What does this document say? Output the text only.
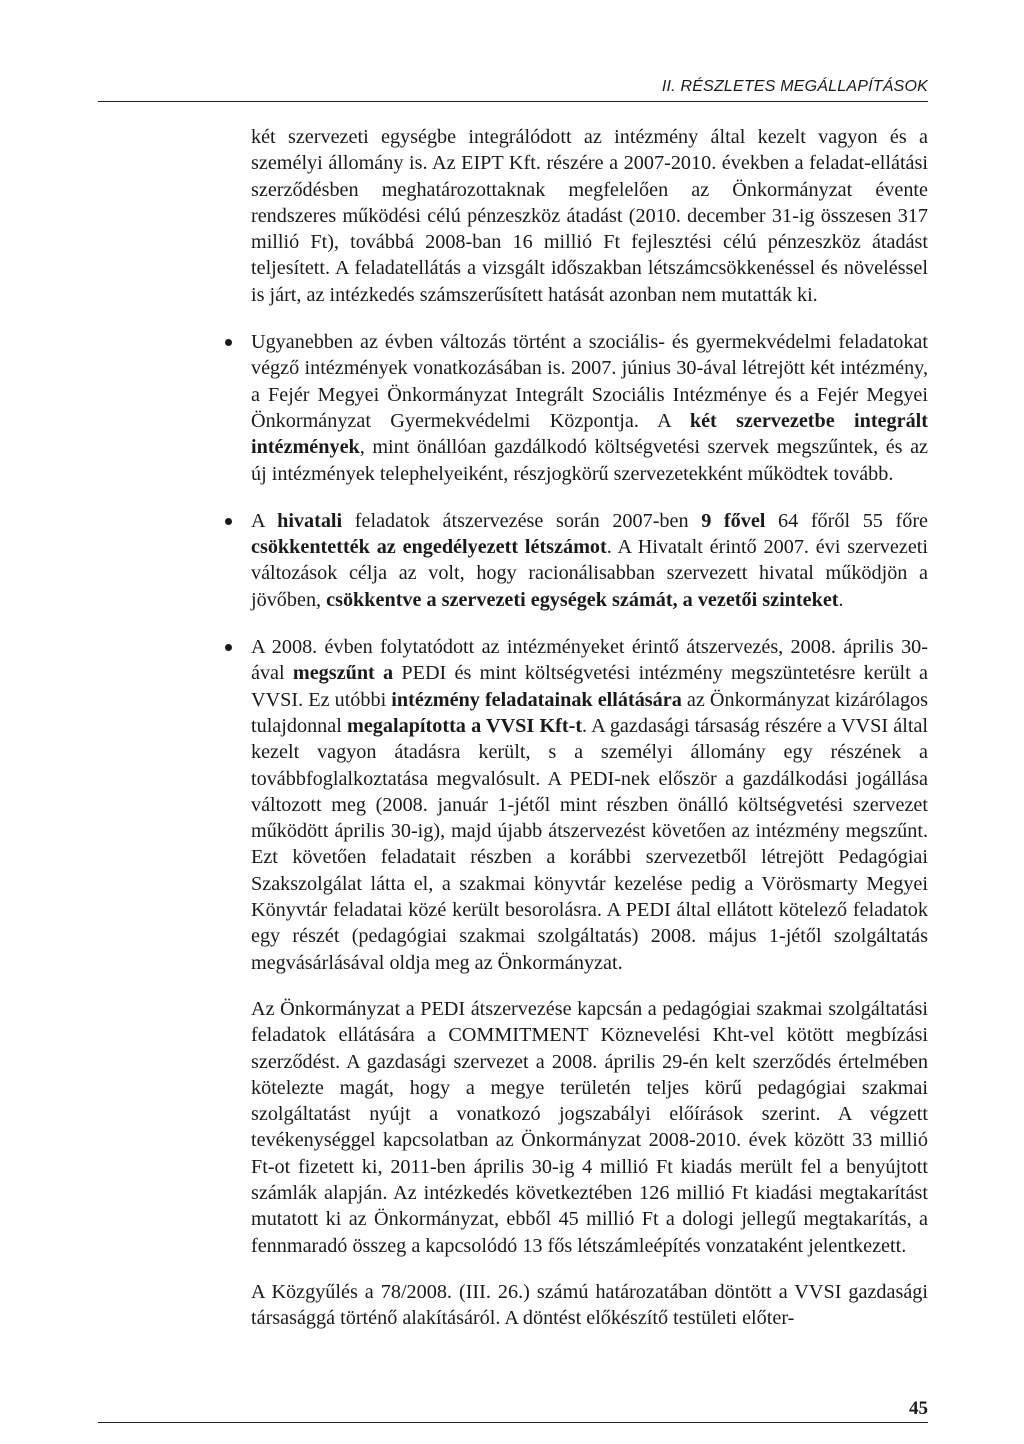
II. RÉSZLETES MEGÁLLAPÍTÁSOK

két szervezeti egységbe integrálódott az intézmény által kezelt vagyon és a személyi állomány is. Az EIPT Kft. részére a 2007-2010. években a feladat-ellátási szerződésben meghatározottaknak megfelelően az Önkormányzat évente rendszeres működési célú pénzeszköz átadást (2010. december 31-ig összesen 317 millió Ft), továbbá 2008-ban 16 millió Ft fejlesztési célú pénzeszköz átadást teljesített. A feladatellátás a vizsgált időszakban létszámcsökkenéssel és növeléssel is járt, az intézkedés számszerűsített hatását azonban nem mutatták ki.

Ugyanebben az évben változás történt a szociális- és gyermekvédelmi feladatokat végző intézmények vonatkozásában is. 2007. június 30-ával létrejött két intézmény, a Fejér Megyei Önkormányzat Integrált Szociális Intézménye és a Fejér Megyei Önkormányzat Gyermekvédelmi Központja. A két szervezetbe integrált intézmények, mint önállóan gazdálkodó költségvetési szervek megszűntek, és az új intézmények telephelyeiként, részjogkörű szervezetekként működtek tovább.

A hivatali feladatok átszervezése során 2007-ben 9 fővel 64 főről 55 főre csökkentették az engedélyezett létszámot. A Hivatalt érintő 2007. évi szervezeti változások célja az volt, hogy racionálisabban szervezett hivatal működjön a jövőben, csökkentve a szervezeti egységek számát, a vezetői szinteket.

A 2008. évben folytatódott az intézményeket érintő átszervezés, 2008. április 30-ával megszűnt a PEDI és mint költségvetési intézmény megszüntetésre került a VVSI. Ez utóbbi intézmény feladatainak ellátására az Önkormányzat kizárólagos tulajdonnal megalapította a VVSI Kft-t. A gazdasági társaság részére a VVSI által kezelt vagyon átadásra került, s a személyi állomány egy részének a továbbfoglalkoztatása megvalósult. A PEDI-nek először a gazdálkodási jogállása változott meg (2008. január 1-jétől mint részben önálló költségvetési szervezet működött április 30-ig), majd újabb átszervezést követően az intézmény megszűnt. Ezt követően feladatait részben a korábbi szervezetből létrejött Pedagógiai Szakszolgálat látta el, a szakmai könyvtár kezelése pedig a Vörösmarty Megyei Könyvtár feladatai közé került besorolásra. A PEDI által ellátott kötelező feladatok egy részét (pedagógiai szakmai szolgáltatás) 2008. május 1-jétől szolgáltatás megvásárlásával oldja meg az Önkormányzat.

Az Önkormányzat a PEDI átszervezése kapcsán a pedagógiai szakmai szolgáltatási feladatok ellátására a COMMITMENT Köznevelési Kht-vel kötött megbízási szerződést. A gazdasági szervezet a 2008. április 29-én kelt szerződés értelmében kötelezte magát, hogy a megye területén teljes körű pedagógiai szakmai szolgáltatást nyújt a vonatkozó jogszabályi előírások szerint. A végzett tevékenységgel kapcsolatban az Önkormányzat 2008-2010. évek között 33 millió Ft-ot fizetett ki, 2011-ben április 30-ig 4 millió Ft kiadás merült fel a benyújtott számlák alapján. Az intézkedés következtében 126 millió Ft kiadási megtakarítást mutatott ki az Önkormányzat, ebből 45 millió Ft a dologi jellegű megtakarítás, a fennmaradó összeg a kapcsolódó 13 fős létszámleépítés vonzataként jelentkezett.

A Közgyűlés a 78/2008. (III. 26.) számú határozatában döntött a VVSI gazdasági társasággá történő alakításáról. A döntést előkészítő testületi előter-

45
